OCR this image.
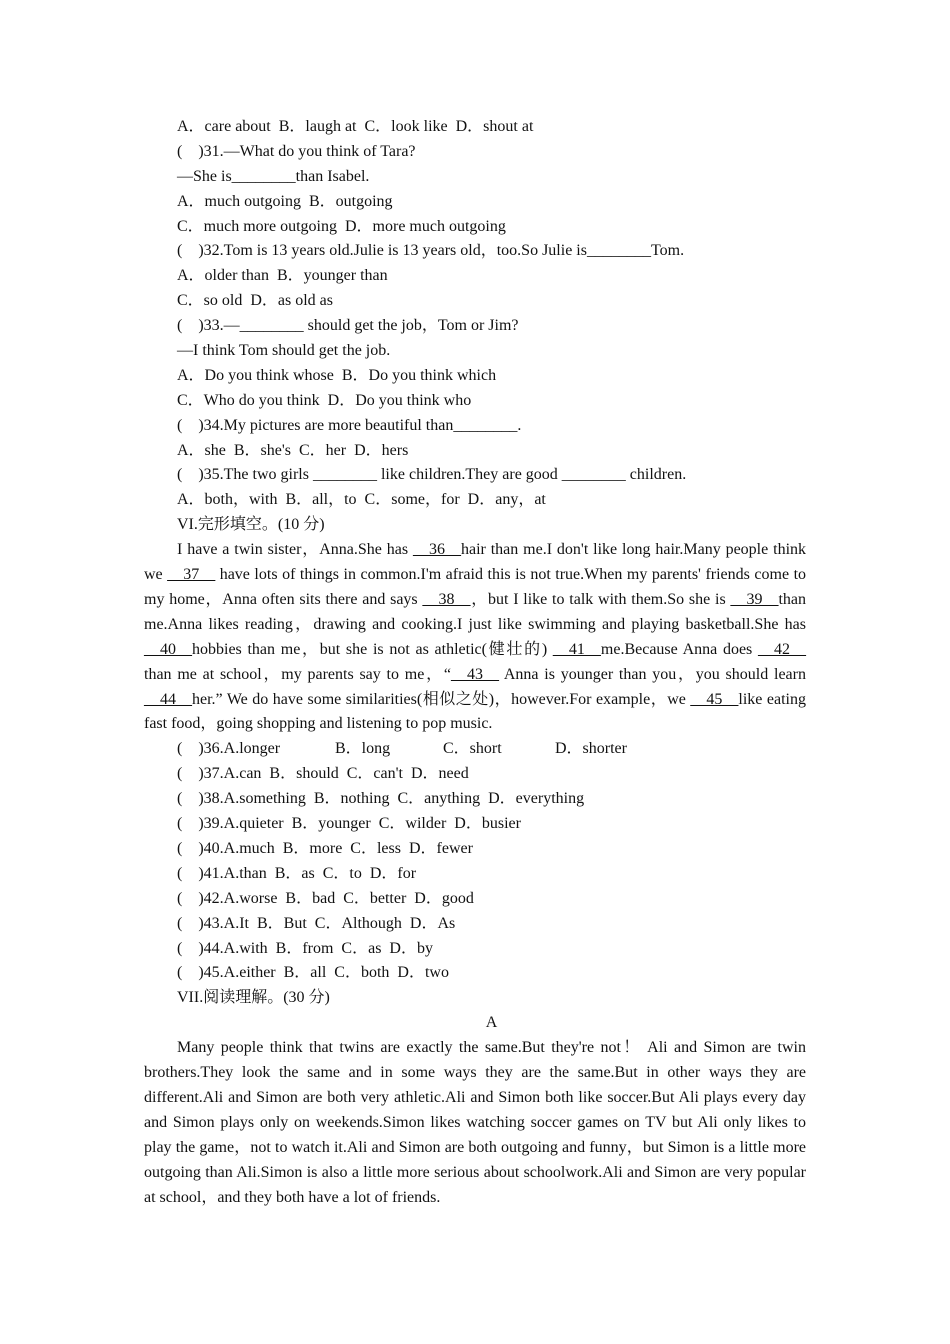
A．care about  B．laugh at  C．look like  D．shout at
(    )31.—What do you think of Tara?
—She is________than Isabel.
A．much outgoing  B．outgoing
C．much more outgoing  D．more much outgoing
(    )32.Tom is 13 years old.Julie is 13 years old，too.So Julie is________Tom.
A．older than  B．younger than
C．so old  D．as old as
(    )33.—________ should get the job，Tom or Jim?
—I think Tom should get the job.
A．Do you think whose  B．Do you think which
C．Who do you think  D．Do you think who
(    )34.My pictures are more beautiful than________.
A．she  B．she's  C．her  D．hers
(    )35.The two girls ________ like children.They are good ________ children.
A．both，with  B．all，to  C．some，for  D．any，at
VI.完形填空。(10 分)

I have a twin sister，Anna.She has __36__hair than me.I don't like long hair.Many people think we __37__ have lots of things in common.I'm afraid this is not true.When my parents' friends come to my home，Anna often sits there and says __38__，but I like to talk with them.So she is __39__than me.Anna likes reading，drawing and cooking.I just like swimming and playing basketball.She has __40__hobbies than me，but she is not as athletic(健壮的) __41__me.Because Anna does __42__ than me at school，my parents say to me，“__43__ Anna is younger than you，you should learn __44__her.” We do have some similarities(相似之处)，however.For example，we __45__like eating fast food，going shopping and listening to pop music.

(    )36.A.longer	B．long	C．short	D．shorter
(    )37.A.can  B．should  C．can't  D．need
(    )38.A.something  B．nothing  C．anything  D．everything
(    )39.A.quieter  B．younger  C．wilder  D．busier
(    )40.A.much  B．more  C．less  D．fewer
(    )41.A.than  B．as  C．to  D．for
(    )42.A.worse  B．bad  C．better  D．good
(    )43.A.It  B．But  C．Although  D．As
(    )44.A.with  B．from  C．as  D．by
(    )45.A.either  B．all  C．both  D．two
VII.阅读理解。(30 分)
A

Many people think that twins are exactly the same.But they're not！ Ali and Simon are twin brothers.They look the same and in some ways they are the same.But in other ways they are different.Ali and Simon are both very athletic.Ali and Simon both like soccer.But Ali plays every day and Simon plays only on weekends.Simon likes watching soccer games on TV but Ali only likes to play the game，not to watch it.Ali and Simon are both outgoing and funny，but Simon is a little more outgoing than Ali.Simon is also a little more serious about schoolwork.Ali and Simon are very popular at school，and they both have a lot of friends.
